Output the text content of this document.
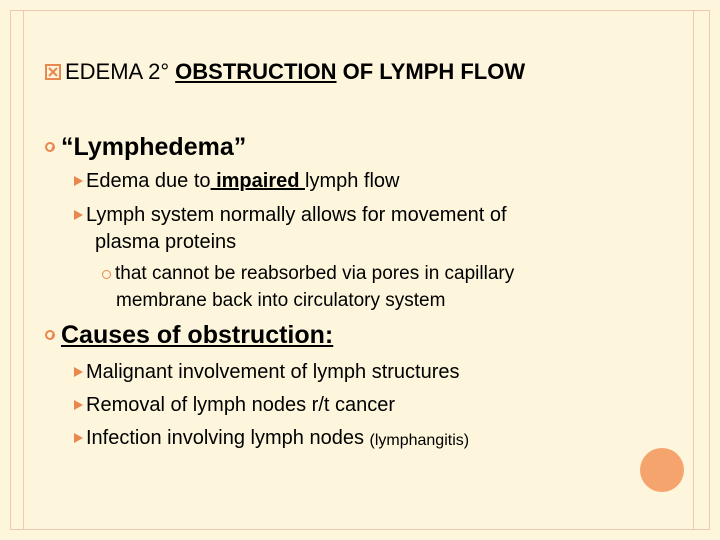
EDEMA 2° OBSTRUCTION OF LYMPH FLOW
“Lymphedema”
Edema due to impaired lymph flow
Lymph system normally allows for movement of
plasma proteins
that cannot be reabsorbed via pores in capillary
membrane back into circulatory system
Causes of obstruction:
Malignant involvement of lymph structures
Removal of lymph nodes r/t cancer
Infection involving lymph nodes (lymphangitis)
